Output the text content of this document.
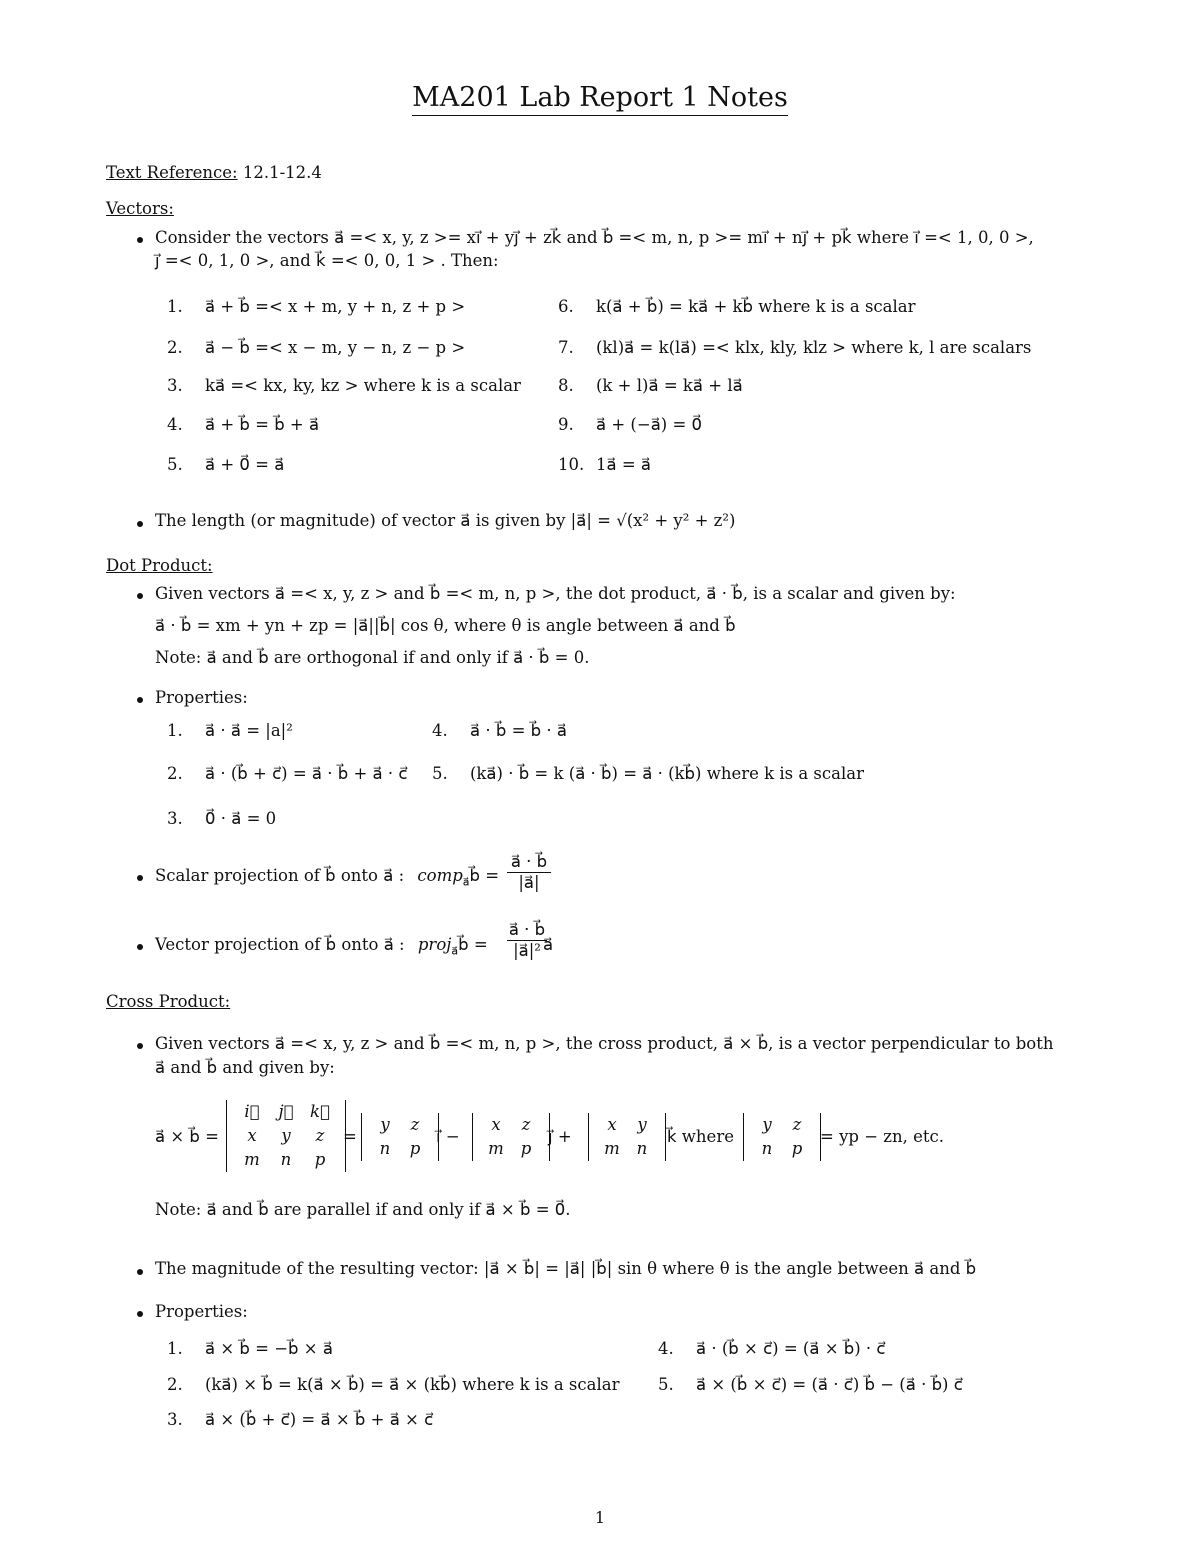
MA201 Lab Report 1 Notes
Text Reference: 12.1-12.4
Vectors:
Consider the vectors a⃗ =< x, y, z >= xi⃗ + yj⃗ + zk⃗ and b⃗ =< m, n, p >= mi⃗ + nj⃗ + pk⃗ where i⃗ =< 1, 0, 0 >,
j⃗ =< 0, 1, 0 >, and k⃗ =< 0, 0, 1 > . Then:
1. a⃗ + b⃗ =< x + m, y + n, z + p >
2. a⃗ − b⃗ =< x − m, y − n, z − p >
3. ka⃗ =< kx, ky, kz > where k is a scalar
4. a⃗ + b⃗ = b⃗ + a⃗
5. a⃗ + 0⃗ = a⃗
6. k(a⃗ + b⃗) = ka⃗ + kb⃗ where k is a scalar
7. (kl)a⃗ = k(la⃗) =< klx, kly, klz > where k, l are scalars
8. (k + l)a⃗ = ka⃗ + la⃗
9. a⃗ + (−a⃗) = 0⃗
10. 1a⃗ = a⃗
The length (or magnitude) of vector a⃗ is given by |a⃗| = √(x² + y² + z²)
Dot Product:
Given vectors a⃗ =< x, y, z > and b⃗ =< m, n, p >, the dot product, a⃗ · b⃗, is a scalar and given by:
a⃗ · b⃗ = xm + yn + zp = |a⃗||b⃗| cos θ, where θ is angle between a⃗ and b⃗
Note: a⃗ and b⃗ are orthogonal if and only if a⃗ · b⃗ = 0.
Properties:
1. a⃗ · a⃗ = |a|²
2. a⃗ · (b⃗ + c⃗) = a⃗ · b⃗ + a⃗ · c⃗
3. 0⃗ · a⃗ = 0
4. a⃗ · b⃗ = b⃗ · a⃗
5. (ka⃗) · b⃗ = k (a⃗ · b⃗) = a⃗ · (kb⃗) where k is a scalar
Scalar projection of b⃗ onto a⃗ : comp$_{a⃗}$b⃗ = $\frac{a⃗ \cdot b⃗}{|a⃗|}$
Vector projection of b⃗ onto a⃗ : proj$_{a⃗}$b⃗ = $\frac{a⃗ \cdot b⃗}{\text{|a⃗|²}}$
a⃗
Cross Product:
Given vectors a⃗ =< x, y, z > and b⃗ =< m, n, p >, the cross product, a⃗ × b⃗, is a vector perpendicular to both
a⃗ and b⃗ and given by:
a⃗ × b⃗ =
i⃗ j⃗ k⃗
x y z
m n p
=
y z
n p
i⃗ −
x z
m p
j⃗ +
x y
m n
k⃗ where
y z
n p
= yp − zn, etc.
Note: a⃗ and b⃗ are parallel if and only if a⃗ × b⃗ = 0⃗.
The magnitude of the resulting vector: |a⃗ × b⃗| = |a⃗| |b⃗| sin θ where θ is the angle between a⃗ and b⃗
Properties:
1. a⃗ × b⃗ = −b⃗ × a⃗
2. (ka⃗) × b⃗ = k(a⃗ × b⃗) = a⃗ × (kb⃗) where k is a scalar
3. a⃗ × (b⃗ + c⃗) = a⃗ × b⃗ + a⃗ × c⃗
4. a⃗ · (b⃗ × c⃗) = (a⃗ × b⃗) · c⃗
5. a⃗ × (b⃗ × c⃗) = (a⃗ · c⃗) b⃗ − (a⃗ · b⃗) c⃗
1
